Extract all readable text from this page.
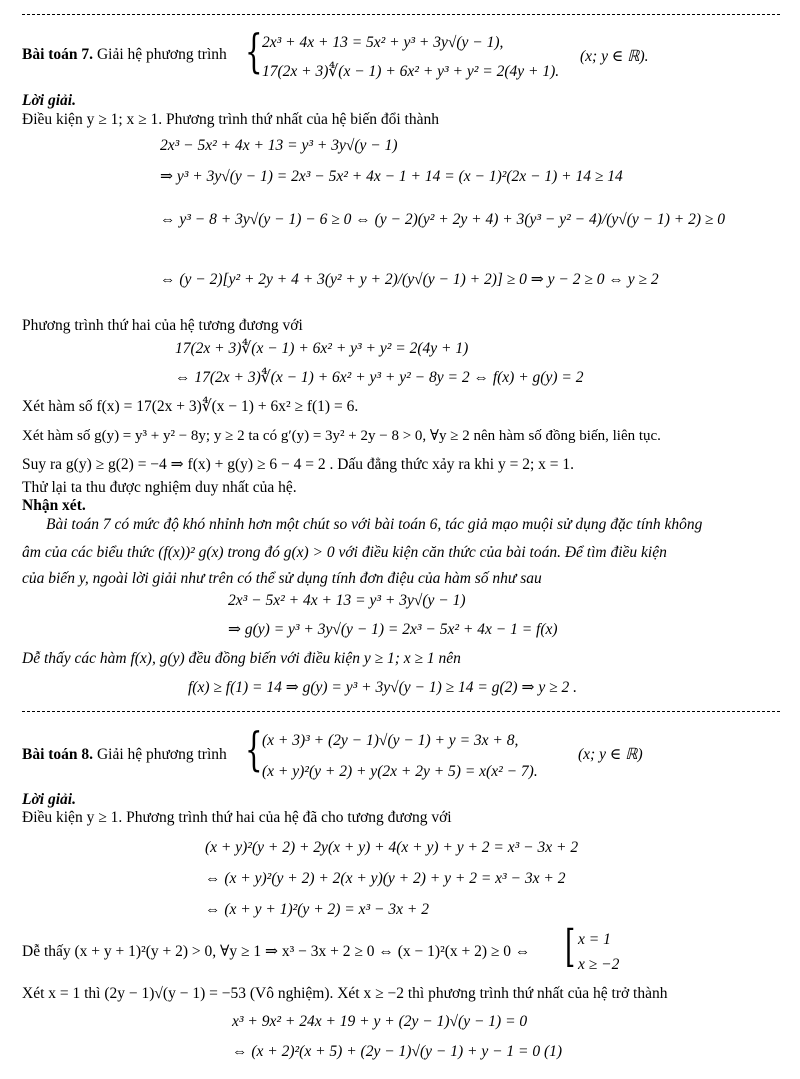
Bài toán 7. Giải hệ phương trình { 2x³ + 4x + 13 = 5x² + y³ + 3y√(y − 1),
17(2x + 3)∜(x − 1) + 6x² + y³ + y² = 2(4y + 1).
(x; y ∈ ℝ).
Lời giải.
Điều kiện y ≥ 1; x ≥ 1. Phương trình thứ nhất của hệ biến đổi thành
2x³ − 5x² + 4x + 13 = y³ + 3y√(y − 1)
⇒ y³ + 3y√(y − 1) = 2x³ − 5x² + 4x − 1 + 14 = (x − 1)²(2x − 1) + 14 ≥ 14
⇔ y³ − 8 + 3y√(y − 1) − 6 ≥ 0 ⇔ (y − 2)(y² + 2y + 4) + 3(y³ − y² − 4)/(y√(y − 1) + 2) ≥ 0
⇔ (y − 2)[y² + 2y + 4 + 3(y² + y + 2)/(y√(y − 1) + 2)] ≥ 0 ⇒ y − 2 ≥ 0 ⇔ y ≥ 2
Phương trình thứ hai của hệ tương đương với
17(2x + 3)∜(x − 1) + 6x² + y³ + y² = 2(4y + 1)
⇔ 17(2x + 3)∜(x − 1) + 6x² + y³ + y² − 8y = 2 ⇔ f(x) + g(y) = 2
Xét hàm số f(x) = 17(2x + 3)∜(x − 1) + 6x² ≥ f(1) = 6.
Xét hàm số g(y) = y³ + y² − 8y; y ≥ 2 ta có g′(y) = 3y² + 2y − 8 > 0, ∀y ≥ 2 nên hàm số đồng biến, liên tục.
Suy ra g(y) ≥ g(2) = −4 ⇒ f(x) + g(y) ≥ 6 − 4 = 2 . Dấu đẳng thức xảy ra khi y = 2; x = 1.
Thử lại ta thu được nghiệm duy nhất của hệ.
Nhận xét.
Bài toán 7 có mức độ khó nhỉnh hơn một chút so với bài toán 6, tác giả mạo muội sử dụng đặc tính không
âm của các biểu thức (f(x))² g(x) trong đó g(x) > 0 với điều kiện căn thức của bài toán. Để tìm điều kiện
của biến y, ngoài lời giải như trên có thể sử dụng tính đơn điệu của hàm số như sau
2x³ − 5x² + 4x + 13 = y³ + 3y√(y − 1)
⇒ g(y) = y³ + 3y√(y − 1) = 2x³ − 5x² + 4x − 1 = f(x)
Dễ thấy các hàm f(x), g(y) đều đồng biến với điều kiện y ≥ 1; x ≥ 1 nên
f(x) ≥ f(1) = 14 ⇒ g(y) = y³ + 3y√(y − 1) ≥ 14 = g(2) ⇒ y ≥ 2 .
Bài toán 8. Giải hệ phương trình { (x + 3)³ + (2y − 1)√(y − 1) + y = 3x + 8,
(x + y)²(y + 2) + y(2x + 2y + 5) = x(x² − 7).
(x; y ∈ ℝ)
Lời giải.
Điều kiện y ≥ 1. Phương trình thứ hai của hệ đã cho tương đương với
(x + y)²(y + 2) + 2y(x + y) + 4(x + y) + y + 2 = x³ − 3x + 2
⇔ (x + y)²(y + 2) + 2(x + y)(y + 2) + y + 2 = x³ − 3x + 2
⇔ (x + y + 1)²(y + 2) = x³ − 3x + 2
Dễ thấy (x + y + 1)²(y + 2) > 0, ∀y ≥ 1 ⇒ x³ − 3x + 2 ≥ 0 ⇔ (x − 1)²(x + 2) ≥ 0 ⇔ [ x = 1
x ≥ −2
Xét x = 1 thì (2y − 1)√(y − 1) = −53 (Vô nghiệm). Xét x ≥ −2 thì phương trình thứ nhất của hệ trở thành
x³ + 9x² + 24x + 19 + y + (2y − 1)√(y − 1) = 0
⇔ (x + 2)²(x + 5) + (2y − 1)√(y − 1) + y − 1 = 0 (1)
